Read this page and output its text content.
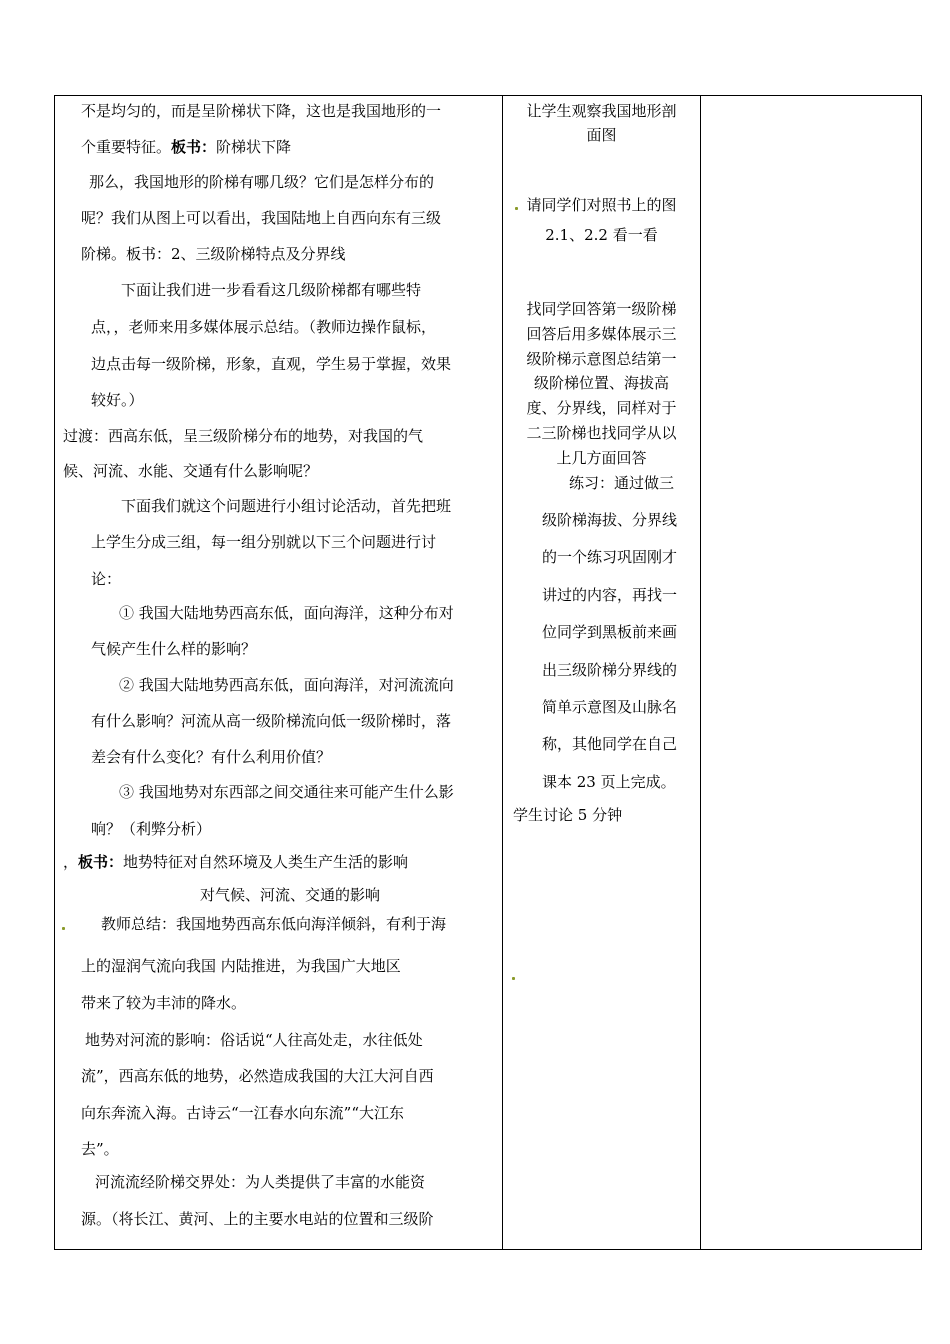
不是均匀的，而是呈阶梯状下降，这也是我国地形的一
个重要特征。板书：阶梯状下降
那么，我国地形的阶梯有哪几级？它们是怎样分布的
呢？我们从图上可以看出，我国陆地上自西向东有三级
阶梯。板书：2、三级阶梯特点及分界线
下面让我们进一步看看这几级阶梯都有哪些特
点，，老师来用多媒体展示总结。（教师边操作鼠标，
边点击每一级阶梯，形象，直观，学生易于掌握，效果
较好。）
过渡：西高东低，呈三级阶梯分布的地势，对我国的气
候、河流、水能、交通有什么影响呢？
下面我们就这个问题进行小组讨论活动，首先把班
上学生分成三组，每一组分别就以下三个问题进行讨
论：
① 我国大陆地势西高东低，面向海洋，这种分布对
气候产生什么样的影响？
② 我国大陆地势西高东低，面向海洋，对河流流向
有什么影响？河流从高一级阶梯流向低一级阶梯时，落
差会有什么变化？有什么利用价值？
③ 我国地势对东西部之间交通往来可能产生什么影
响？（利弊分析）
，板书：地势特征对自然环境及人类生产生活的影响
对气候、河流、交通的影响
教师总结：我国地势西高东低向海洋倾斜，有利于海
上的湿润气流向我国 内陆推进，为我国广大地区
带来了较为丰沛的降水。
地势对河流的影响：俗话说“人往高处走，水往低处
流”，西高东低的地势，必然造成我国的大江大河自西
向东奔流入海。古诗云“一江春水向东流”“大江东
去”。
河流流经阶梯交界处：为人类提供了丰富的水能资
源。（将长江、黄河、上的主要水电站的位置和三级阶
让学生观察我国地形剖
面图
请同学们对照书上的图
2.1、2.2 看一看
找同学回答第一级阶梯
回答后用多媒体展示三
级阶梯示意图总结第一
级阶梯位置、海拔高
度、分界线，同样对于
二三阶梯也找同学从以
上几方面回答
练习：通过做三
级阶梯海拔、分界线
的一个练习巩固刚才
讲过的内容，再找一
位同学到黑板前来画
出三级阶梯分界线的
简单示意图及山脉名
称，其他同学在自己
课本 23 页上完成。
学生讨论 5 分钟
